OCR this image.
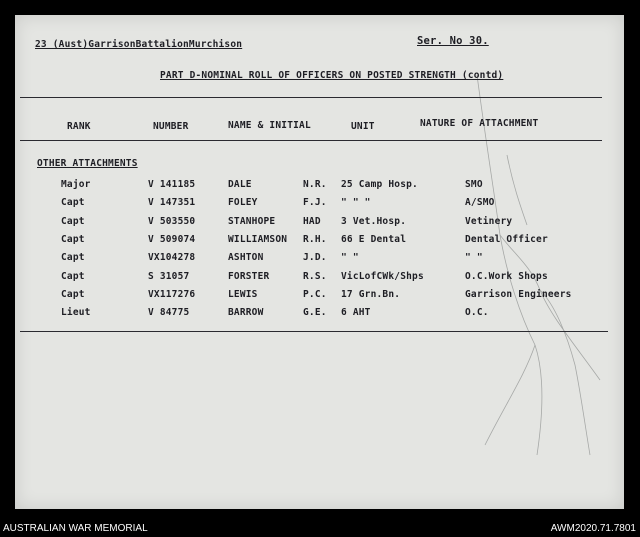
23 (Aust)GarrisonBattalionMurchison	Ser. No 30.
PART D-NOMINAL ROLL OF OFFICERS ON POSTED STRENGTH (contd)
RANK	NUMBER	NAME & INITIAL	UNIT	NATURE OF ATTACHMENT
OTHER ATTACHMENTS
Major	V 141185	DALE	N.R. 25 Camp Hosp.	SMO
Capt	V 147351	FOLEY	F.J. " " "	A/SMO
Capt	V 503550	STANHOPE	HAD 3 Vet.Hosp.	Vetinery
Capt	V 509074	WILLIAMSON R.H. 66 E Dental	Dental Officer
Capt	VX104278	ASHTON	J.D. " "	" "
Capt	S 31057	FORSTER	R.S. VicLofCWk/Shps	O.C.Work Shops
Capt	VX117276	LEWIS	P.C. 17 Grn.Bn.	Garrison Engineers
Lieut	V 84775	BARROW	G.E. 6 AHT	O.C.
AUSTRALIAN WAR MEMORIAL	AWM2020.71.7801
